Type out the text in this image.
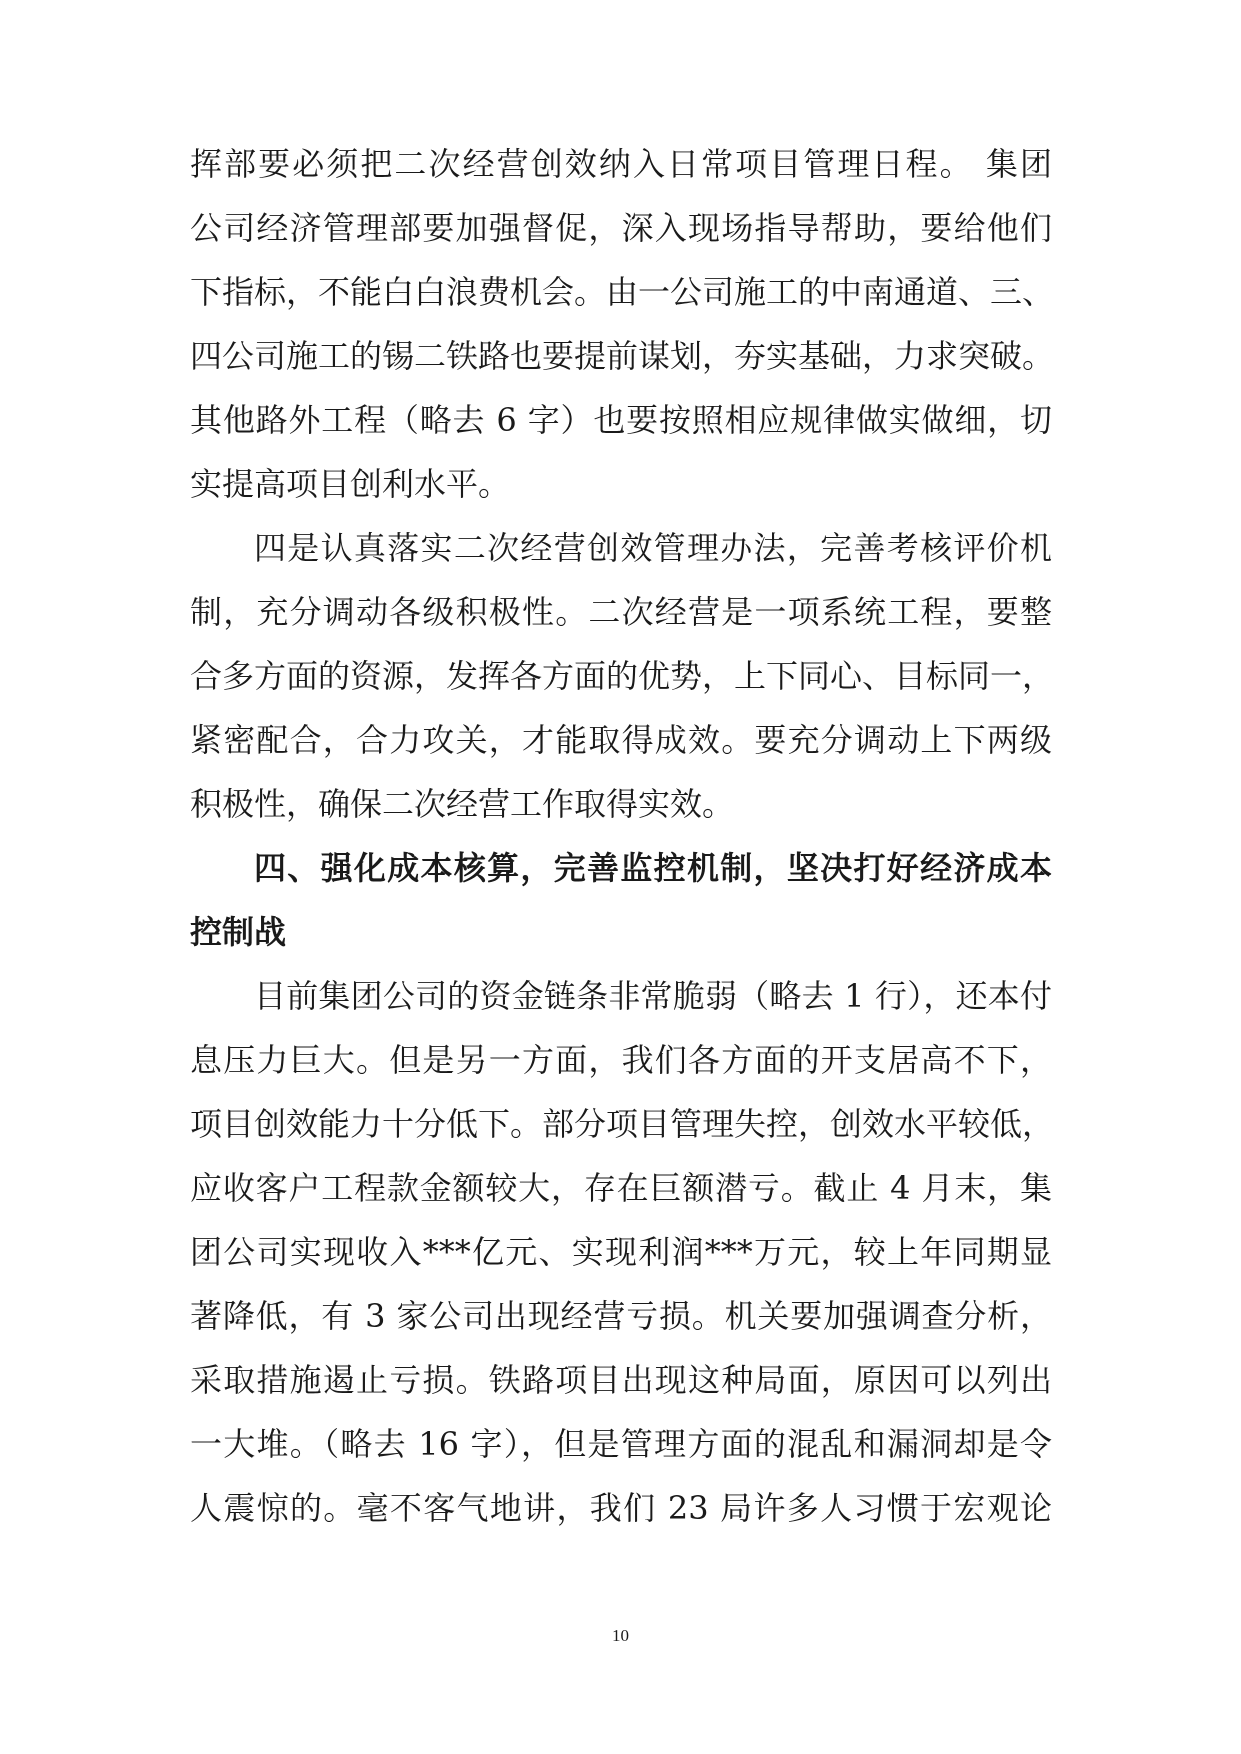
挥部要必须把二次经营创效纳入日常项目管理日程。 集团
公司经济管理部要加强督促，深入现场指导帮助，要给他们
下指标，不能白白浪费机会。由一公司施工的中南通道、三、
四公司施工的锡二铁路也要提前谋划，夯实基础，力求突破。
其他路外工程（略去 6 字）也要按照相应规律做实做细，切
实提高项目创利水平。
四是认真落实二次经营创效管理办法，完善考核评价机
制，充分调动各级积极性。二次经营是一项系统工程，要整
合多方面的资源，发挥各方面的优势，上下同心、目标同一，
紧密配合，合力攻关，才能取得成效。要充分调动上下两级
积极性，确保二次经营工作取得实效。
四、强化成本核算，完善监控机制，坚决打好经济成本
控制战
目前集团公司的资金链条非常脆弱（略去 1 行），还本付
息压力巨大。但是另一方面，我们各方面的开支居高不下，
项目创效能力十分低下。部分项目管理失控，创效水平较低，
应收客户工程款金额较大，存在巨额潜亏。截止 4 月末，集
团公司实现收入***亿元、实现利润***万元，较上年同期显
著降低，有 3 家公司出现经营亏损。机关要加强调查分析，
采取措施遏止亏损。铁路项目出现这种局面，原因可以列出
一大堆。（略去 16 字），但是管理方面的混乱和漏洞却是令
人震惊的。毫不客气地讲，我们 23 局许多人习惯于宏观论
10
